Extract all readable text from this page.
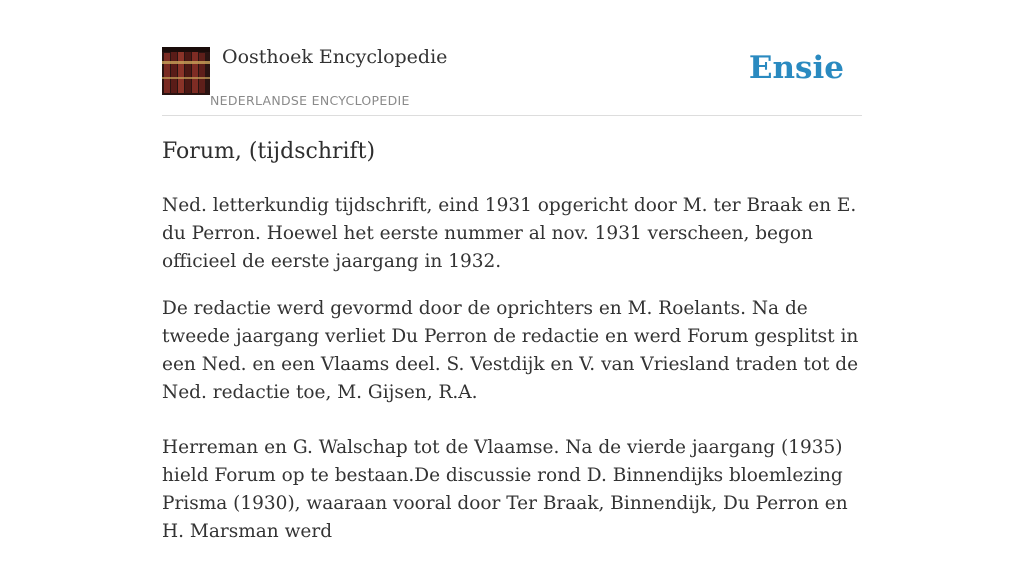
Oosthoek Encyclopedie
NEDERLANDSE ENCYCLOPEDIE
Ensie
Forum, (tijdschrift)

Ned. letterkundig tijdschrift, eind 1931 opgericht door M. ter Braak en E. du Perron. Hoewel het eerste nummer al nov. 1931 verscheen, begon officieel de eerste jaargang in 1932.

De redactie werd gevormd door de oprichters en M. Roelants. Na de tweede jaargang verliet Du Perron de redactie en werd Forum gesplitst in een Ned. en een Vlaams deel. S. Vestdijk en V. van Vriesland traden tot de Ned. redactie toe, M. Gijsen, R.A.

Herreman en G. Walschap tot de Vlaamse. Na de vierde jaargang (1935) hield Forum op te bestaan.De discussie rond D. Binnendijks bloemlezing Prisma (1930), waaraan vooral door Ter Braak, Binnendijk, Du Perron en H. Marsman werd
